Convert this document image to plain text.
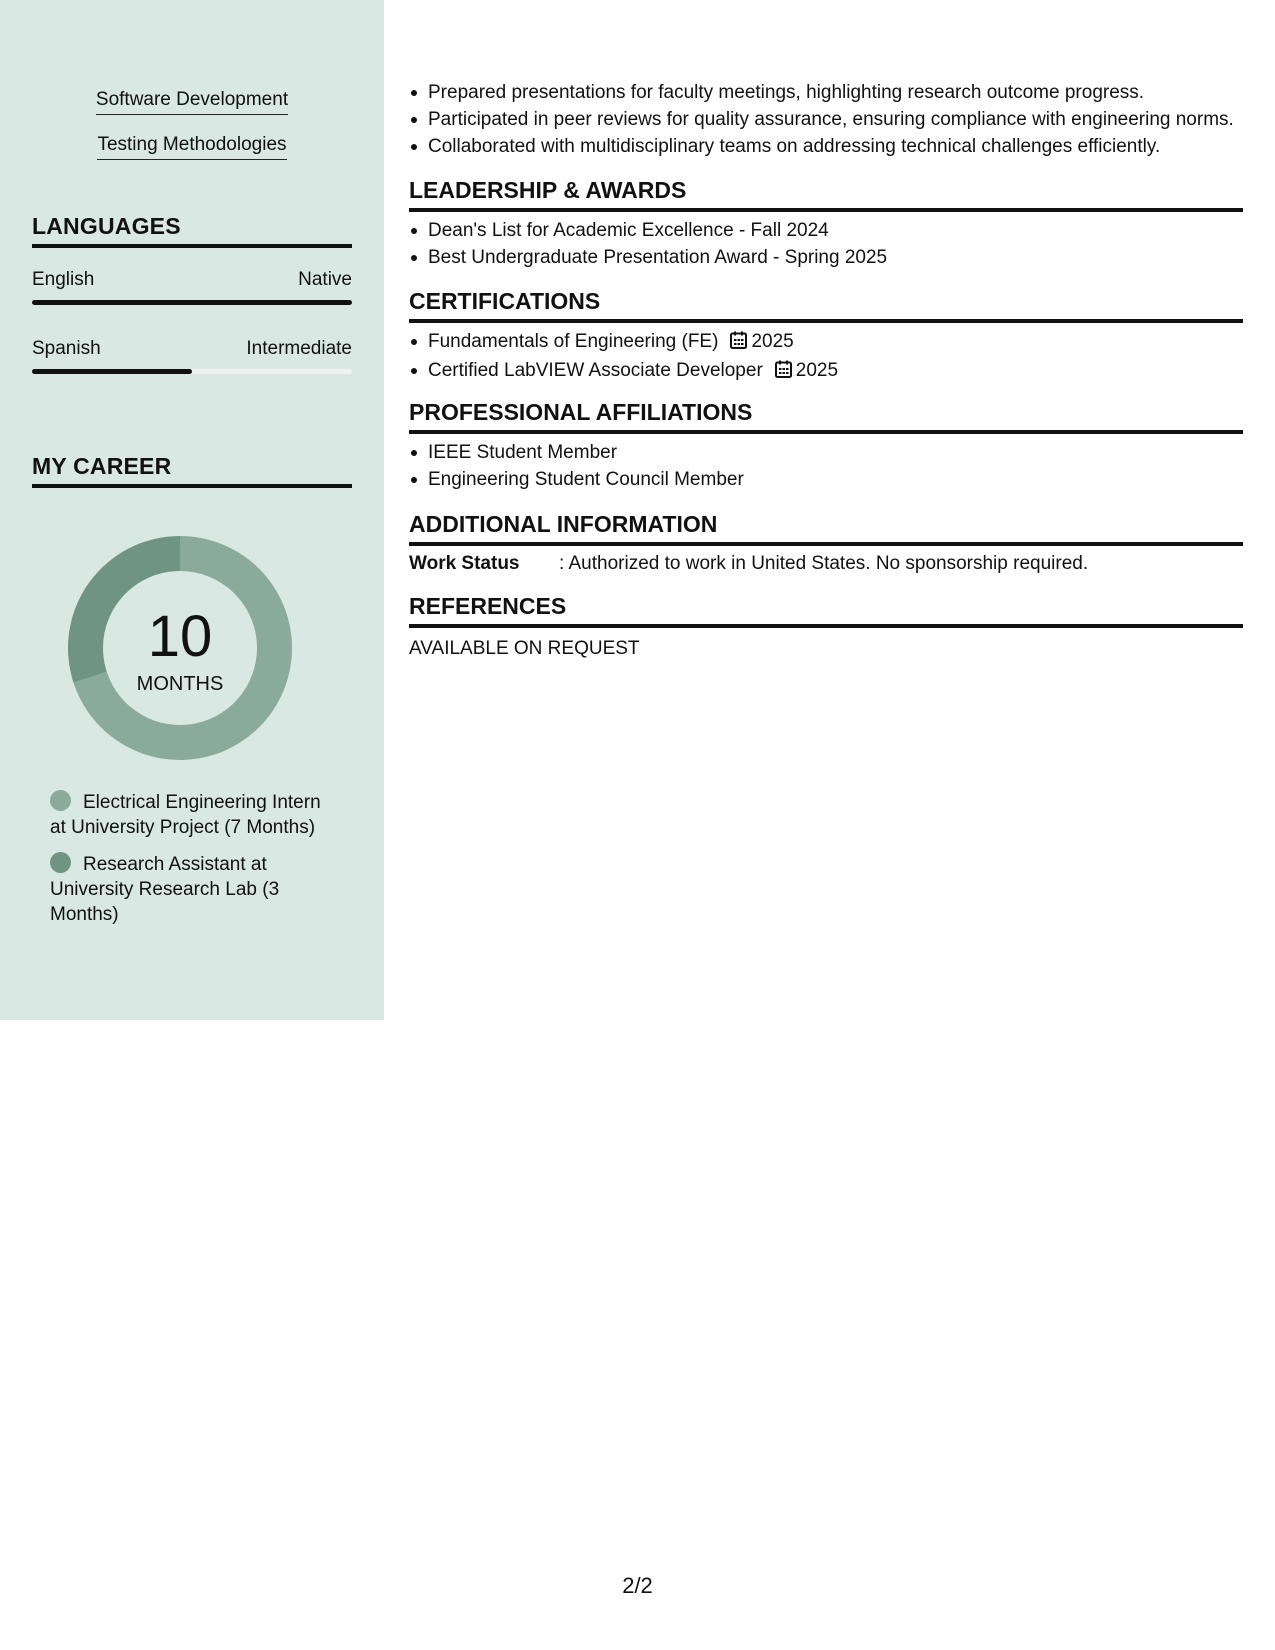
Software Development
Testing Methodologies
LANGUAGES
English	Native
Spanish	Intermediate
MY CAREER
10
MONTHS
Electrical Engineering Intern at University Project (7 Months)
Research Assistant at University Research Lab (3 Months)
Prepared presentations for faculty meetings, highlighting research outcome progress.
Participated in peer reviews for quality assurance, ensuring compliance with engineering norms.
Collaborated with multidisciplinary teams on addressing technical challenges efficiently.
LEADERSHIP & AWARDS
Dean's List for Academic Excellence - Fall 2024
Best Undergraduate Presentation Award - Spring 2025
CERTIFICATIONS
Fundamentals of Engineering (FE) 2025
Certified LabVIEW Associate Developer 2025
PROFESSIONAL AFFILIATIONS
IEEE Student Member
Engineering Student Council Member
ADDITIONAL INFORMATION
Work Status : Authorized to work in United States. No sponsorship required.
REFERENCES
AVAILABLE ON REQUEST
2/2
